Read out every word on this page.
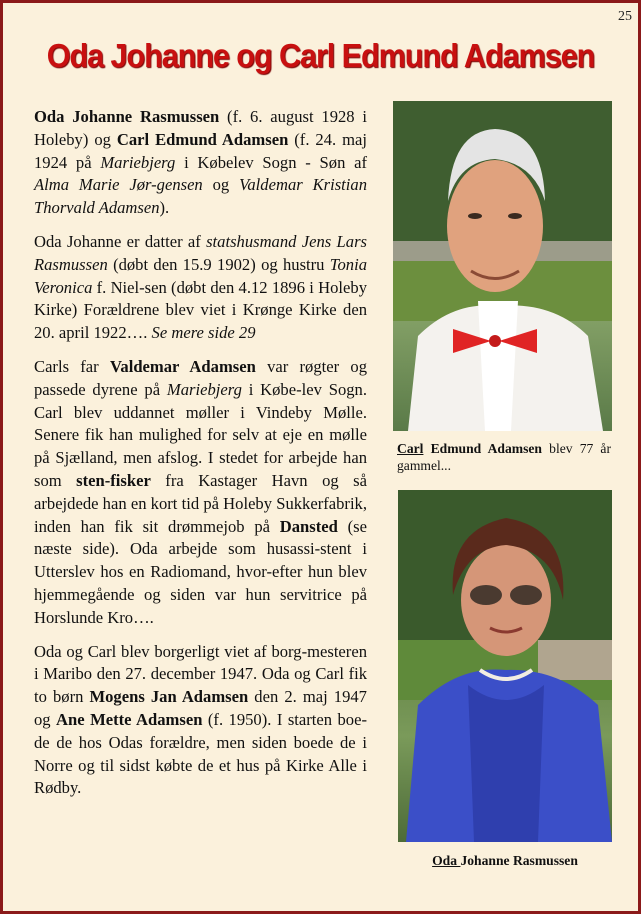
25
Oda Johanne og Carl Edmund Adamsen

Oda Johanne Rasmussen (f. 6. august 1928 i Holeby) og Carl Edmund Adamsen (f. 24. maj 1924 på Mariebjerg i Købelev Sogn - Søn af Alma Marie Jør-gensen og Valdemar Kristian Thorvald Adamsen).

Oda Johanne er datter af statshusmand Jens Lars Rasmussen (døbt den 15.9 1902) og hustru Tonia Veronica f. Niel-sen (døbt den 4.12 1896 i Holeby Kirke) Forældrene blev viet i Krønge Kirke den 20. april 1922…. Se mere side 29

Carls far Valdemar Adamsen var røgter og passede dyrene på Mariebjerg i Købe-lev Sogn. Carl blev uddannet møller i Vindeby Mølle. Senere fik han mulighed for selv at eje en mølle på Sjælland, men afslog. I stedet for arbejde han som sten-fisker fra Kastager Havn og så arbejdede han en kort tid på Holeby Sukkerfabrik, inden han fik sit drømmejob på Dansted (se næste side). Oda arbejde som husassi-stent i Utterslev hos en Radiomand, hvor-efter hun blev hjemmegående og siden var hun servitrice på Horslunde Kro….

Oda og Carl blev borgerligt viet af borg-mesteren i Maribo den 27. december 1947. Oda og Carl fik to børn Mogens Jan Adamsen den 2. maj 1947 og Ane Mette Adamsen (f. 1950). I starten boe-de de hos Odas forældre, men siden boede de i Norre og til sidst købte de et hus på Kirke Alle i Rødby.

Carl Edmund Adamsen blev 77 år gammel...
Oda Johanne Rasmussen
